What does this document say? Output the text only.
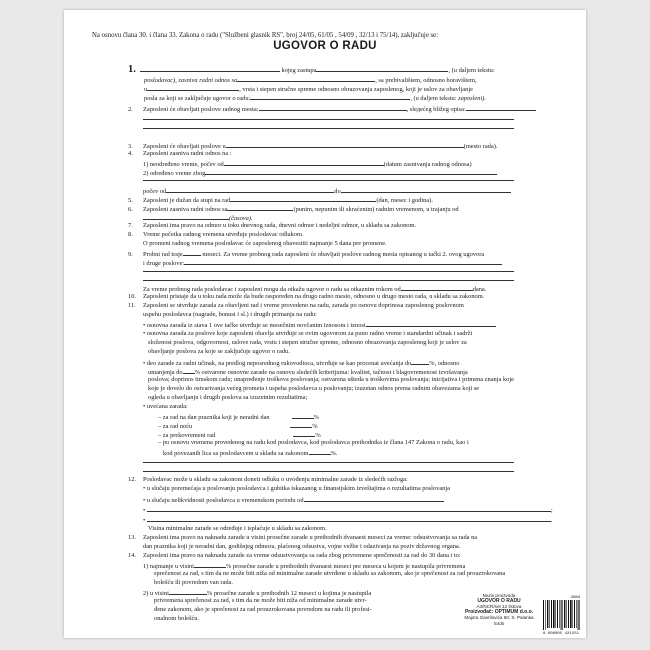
Na osnovu člana 30. i člana 33. Zakona o radu ("Službeni glasnik RS", broj 24/05, 61/05 , 54/09 , 32/13 i 75/14), zaključuje se:
UGOVOR O RADU
1.	kojeg zastupa	, (u daljem tekstu:
poslodavac), zasniva radni odnos sa	, sa prebivalištem, odnosno boravištem,
u	, vrsta i stepen stručne spreme odnosno obrazovanja zaposlenog, koji je uslov za obavljanje
posla za koji se zaključuje ugovor o radu:	, (u daljem tekstu: zaposleni).
2. Zaposleni će obavljati poslove radnog mesta:	, slедеćeg bližeg opisa:
3. Zaposleni će obavljati poslove u	(mesto rada).
4. Zaposleni zasniva radni odnos na :
1) neodređeno vreme, počev od	(datum zasnivanja radnog odnosa)
2) određeno vreme zbog
počev od	do
5. Zaposleni je dužan da stupi na rad	(dan, mesec i godina).
6. Zaposleni zasniva radni odnos sa	(punim, nepunim ili skraćenim) radnim vremenom, u trajanju od
(časova).
7. Zaposleni ima pravo na odmor u toku dnevnog rada, dnevni odmor i nedeljni odmor, u skladu sa zakonom.
8. Vreme početka radnog vremena utvrđuje poslodavac odlukom.
O promeni radnog vremena poslodavac će zaposlenog obavestiti najmanje 5 dana pre promene.
9. Probni rad traje	meseci. Za vreme probnog rada zaposleni će obavljati poslove radnog mesta opisanog u tački 2. ovog ugovora
i druge poslove:
Za vreme probnog rada poslodavac i zaposleni mogu da otkažu ugovor o radu sa otkaznim rokom od	dana.
10. Zaposleni pristaje da u toku rada može da bude raspoređen na drugo radno mesto, odnosno u drugo mesto rada, u skladu sa zakonom.
11. Zaposleni se utvrđuje zarada za obavljeni rad i vreme provedeno na radu, zarada po osnovu doprinosa zaposlenog poslovnom
uspehu poslodavca (nagrade, bonusi i sl.) i drugih primanja na radu:
• osnovna zarada iz stava 1 ove tačke utvrđuje se mesečnim novčanim iznosom i iznosi
• osnovna zarada za poslove koje zaposleni obavlja utvrđuje se ovim ugovorom za puno radno vreme i standardni učinak i sadrži
složenost poslova, odgovornost, uslove rada, vrstu i stepen stručne spreme, odnosno obrazovanja zaposlenog koji je uslov za
obavljanje poslova za koje se zaključuje ugovor o radu.
• deo zarade za radni učinak, na predlog neposrednog rukovodioca, utvrđuje se kao procenat uvećanja do	%, odnosno
umanjenja do % ostvarene osnovne zarade na osnovu sledećih kriterijuma: kvalitet, tačnost i blagovremenost izvršavanja
poslova; doprinos timskom radu; unapređenje troškova poslovanja; ostvarena ušteda u troškovima poslovanja; inicijativa i primena znanja koje
koje je dovelo do ostvarivanja većeg prometa i uspeha poslodavca u poslovanju; izuzetan odnos prema radnim obavezama koji se
ogleda u obavljanju i drugih poslova sa izuzetnim rezultatima;
• uvećana zarada:
– za rad na dan praznika koji je neradni dan	%
– za rad noću	%
– za prekovremeni rad	%
– po osnovu vremena provedenog na radu kod poslodavca, kod poslodavca prethodnika iz člana 147 Zakona o radu, kao i
kod povezanih lica sa poslodavcem u skladu sa zakonom	%.
12. Poslodavac može u skladu sa zakonom doneti odluku o uvođenju minimalne zarade iz sledećih razloga:
• u slučaju poremećaja u poslovanju poslodavca i gubitka iskazanog u finansijskim izveštajima o rezultatima poslovanja
• u slučaju nelikvidnosti poslodavca u vremenskom periodu od
•	;
•	.
Visina minimalne zarade se određuje i isplaćuje u skladu sa zakonom.
13. Zaposleni ima pravo na naknadu zarade u visini prosečne zarade u prethodnih dvanaest meseci za vreme: odsustvovanja sa rada na
dan praznika koji je neradni dan, godišnjeg odmora, plaćenog odsustva, vojne vežbe i odazivanja na poziv državnog organa.
14. Zaposleni ima pravo na naknadu zarade za vreme odsustvovanja sa rada zbog privremene sprečenosti za rad do 30 dana i to:
1) najmanje u visini	% prosečne zarade u prethodnih dvanaest meseci pre meseca u kojem je nastupila privremena
sprečenost za rad, s tim da ne može biti niža od minimalne zarade utvrđene u skladu sa zakonom, ako je sprečenost za rad prouzrokovana
bolešću ili povredom van rada.
2) u visini	% prosečne zarade u prethodnih 12 meseci u kojima je nastupila
privremena sprečenost za rad, s tim da ne može biti niža od minimalne zarade utvr-
đene zakonom, ako je sprečenost za rad prouzrokovana povredom na radu ili profesi-
onalnom bolešću.
Naziv proizvoda
UGOVOR O RADU
A4/NCR/set 12 listova
Proizvođač: OPTIMUM d.o.o.
Majora Gavrilovića 50, S. Palanka
S4ds
0844
8 606005 421251
